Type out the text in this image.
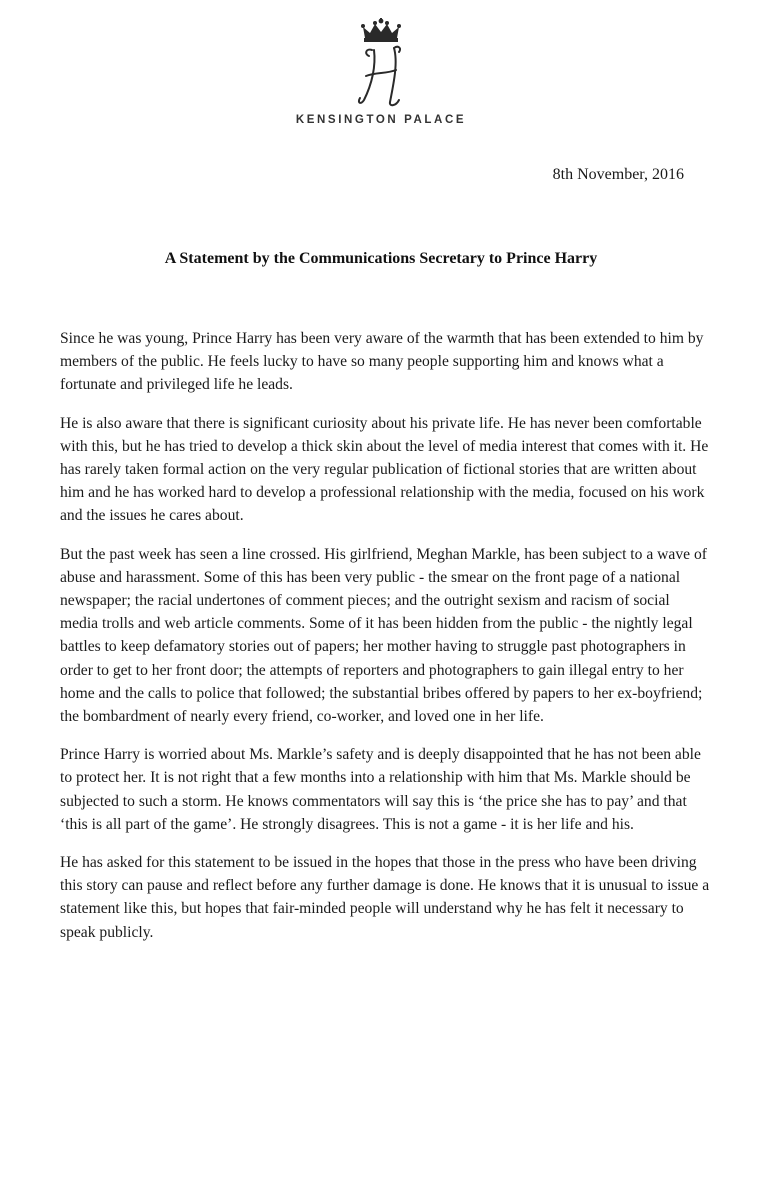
KENSINGTON PALACE
8th November, 2016
A Statement by the Communications Secretary to Prince Harry

Since he was young, Prince Harry has been very aware of the warmth that has been extended to him by members of the public. He feels lucky to have so many people supporting him and knows what a fortunate and privileged life he leads.

He is also aware that there is significant curiosity about his private life. He has never been comfortable with this, but he has tried to develop a thick skin about the level of media interest that comes with it. He has rarely taken formal action on the very regular publication of fictional stories that are written about him and he has worked hard to develop a professional relationship with the media, focused on his work and the issues he cares about.

But the past week has seen a line crossed. His girlfriend, Meghan Markle, has been subject to a wave of abuse and harassment. Some of this has been very public - the smear on the front page of a national newspaper; the racial undertones of comment pieces; and the outright sexism and racism of social media trolls and web article comments. Some of it has been hidden from the public - the nightly legal battles to keep defamatory stories out of papers; her mother having to struggle past photographers in order to get to her front door; the attempts of reporters and photographers to gain illegal entry to her home and the calls to police that followed; the substantial bribes offered by papers to her ex-boyfriend; the bombardment of nearly every friend, co-worker, and loved one in her life.

Prince Harry is worried about Ms. Markle’s safety and is deeply disappointed that he has not been able to protect her. It is not right that a few months into a relationship with him that Ms. Markle should be subjected to such a storm. He knows commentators will say this is ‘the price she has to pay’ and that ‘this is all part of the game’. He strongly disagrees. This is not a game - it is her life and his.

He has asked for this statement to be issued in the hopes that those in the press who have been driving this story can pause and reflect before any further damage is done. He knows that it is unusual to issue a statement like this, but hopes that fair-minded people will understand why he has felt it necessary to speak publicly.
